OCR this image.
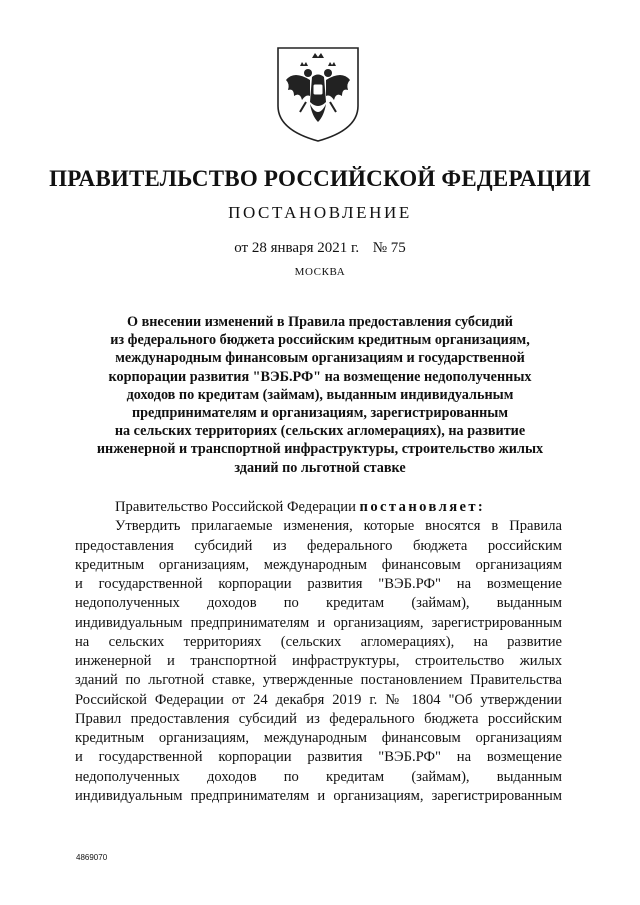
ПРАВИТЕЛЬСТВО РОССИЙСКОЙ ФЕДЕРАЦИИ
ПОСТАНОВЛЕНИЕ
от 28 января 2021 г. № 75
МОСКВА
О внесении изменений в Правила предоставления субсидий
из федерального бюджета российским кредитным организациям,
международным финансовым организациям и государственной
корпорации развития "ВЭБ.РФ" на возмещение недополученных
доходов по кредитам (займам), выданным индивидуальным
предпринимателям и организациям, зарегистрированным
на сельских территориях (сельских агломерациях), на развитие
инженерной и транспортной инфраструктуры, строительство жилых
зданий по льготной ставке
Правительство Российской Федерации постановляет:
Утвердить прилагаемые изменения, которые вносятся в Правила
предоставления субсидий из федерального бюджета российским
кредитным организациям, международным финансовым организациям
и государственной корпорации развития "ВЭБ.РФ" на возмещение
недополученных доходов по кредитам (займам), выданным
индивидуальным предпринимателям и организациям, зарегистрированным
на сельских территориях (сельских агломерациях), на развитие
инженерной и транспортной инфраструктуры, строительство жилых
зданий по льготной ставке, утвержденные постановлением Правительства
Российской Федерации от 24 декабря 2019 г. № 1804 "Об утверждении
Правил предоставления субсидий из федерального бюджета российским
кредитным организациям, международным финансовым организациям
и государственной корпорации развития "ВЭБ.РФ" на возмещение
недополученных доходов по кредитам (займам), выданным
индивидуальным предпринимателям и организациям, зарегистрированным
4869070
